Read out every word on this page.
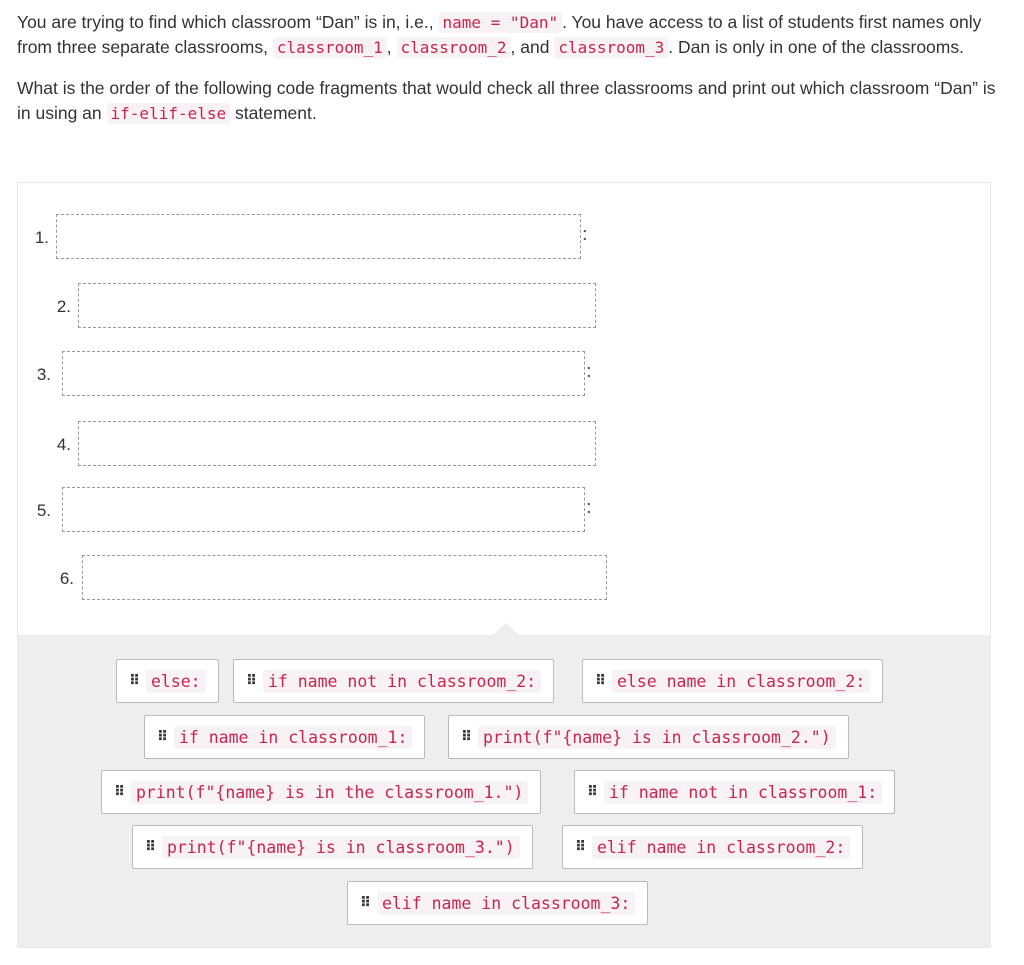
You are trying to find which classroom “Dan” is in, i.e., name = "Dan" . You have access to a list of students first names only from three separate classrooms, classroom_1 , classroom_2 , and classroom_3 . Dan is only in one of the classrooms.

What is the order of the following code fragments that would check all three classrooms and print out which classroom “Dan” is in using an if-elif-else statement.

1.	⠅
2.
3.	⠅
4.
5.	⠅
6.
⠿ else:	⠿ if name not in classroom_2:	⠿ else name in classroom_2:
⠿ if name in classroom_1:	⠿ print(f"{name} is in classroom_2.")
⠿ print(f"{name} is in the classroom_1.")	⠿ if name not in classroom_1:
⠿ print(f"{name} is in classroom_3.")	⠿ elif name in classroom_2:
⠿ elif name in classroom_3:
